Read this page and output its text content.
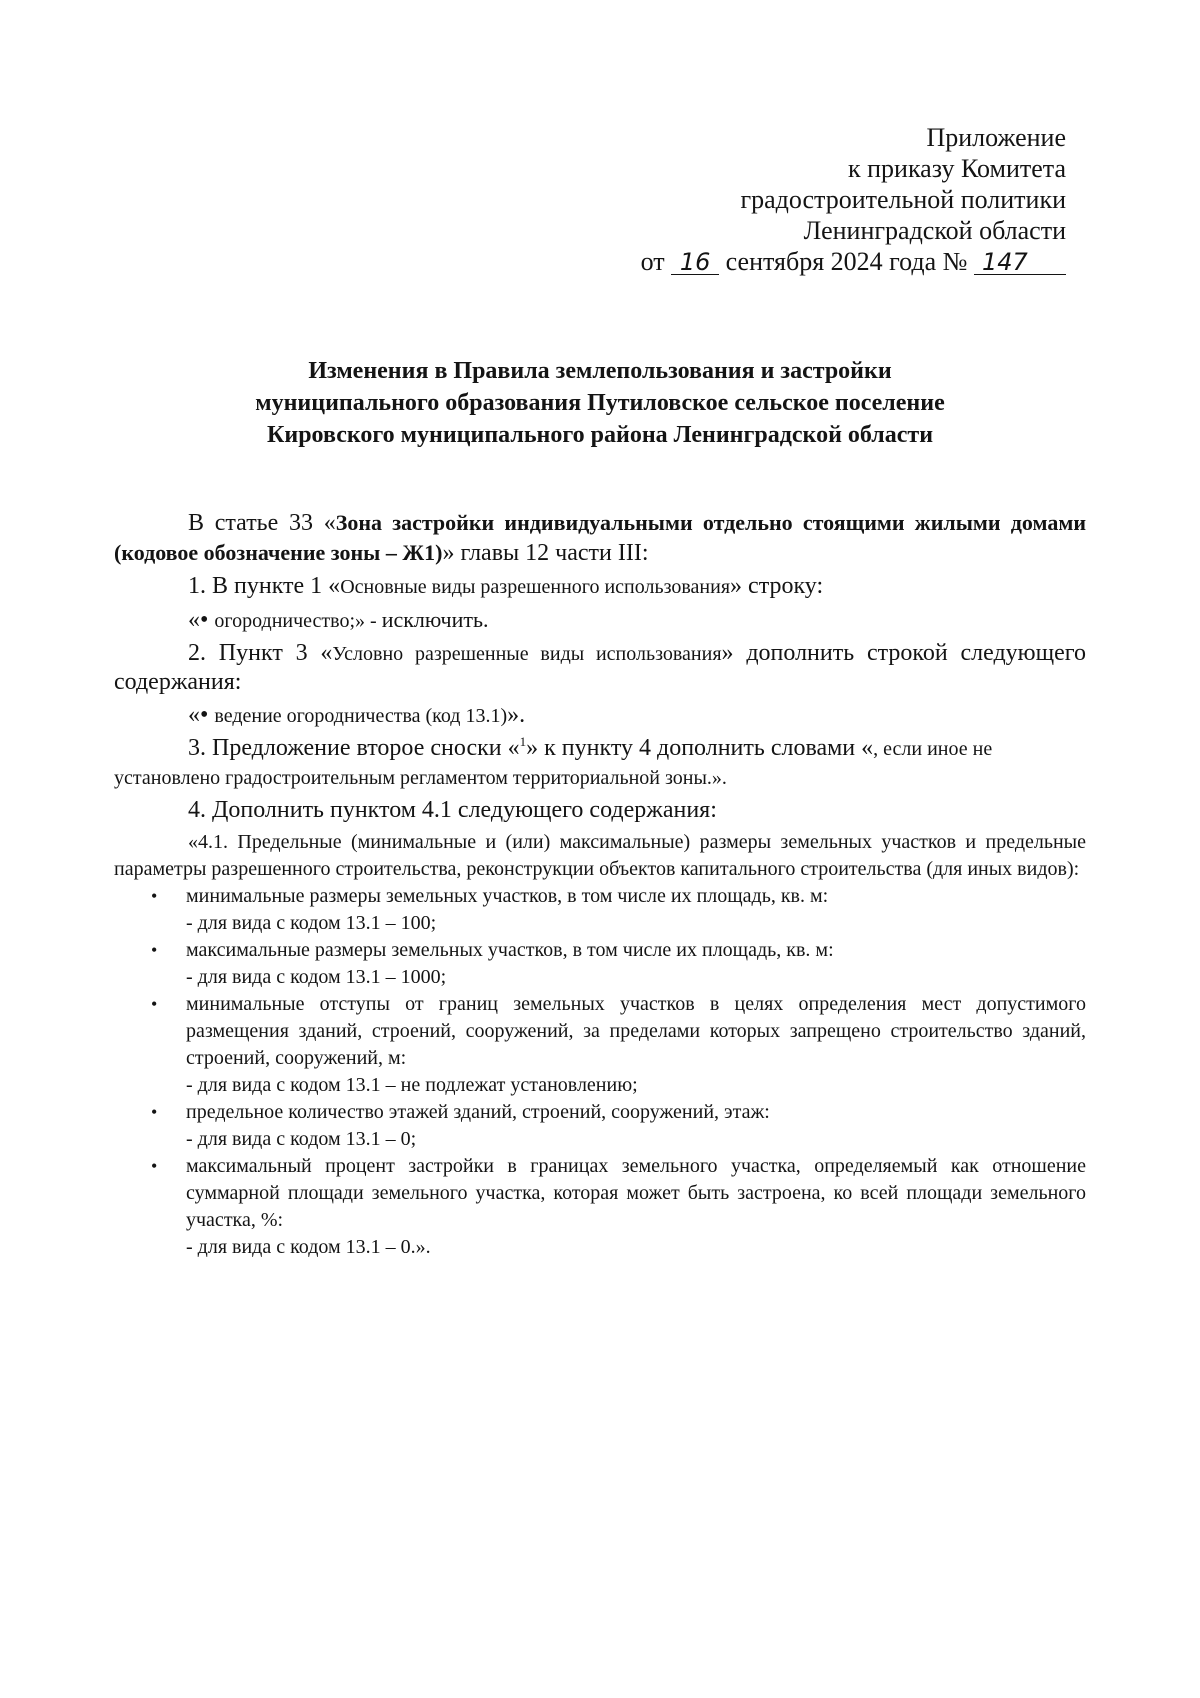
Приложение
к приказу Комитета
градостроительной политики
Ленинградской области
от 16 сентября 2024 года № 147
Изменения в Правила землепользования и застройки
муниципального образования Путиловское сельское поселение
Кировского муниципального района Ленинградской области

В статье 33 «Зона застройки индивидуальными отдельно стоящими жилыми домами (кодовое обозначение зоны – Ж1)» главы 12 части III:

1. В пункте 1 «Основные виды разрешенного использования» строку:

«• огородничество;» - исключить.

2. Пункт 3 «Условно разрешенные виды использования» дополнить строкой следующего содержания:

«• ведение огородничества (код 13.1)».

3. Предложение второе сноски «$^1$» к пункту 4 дополнить словами «, если иное не установлено градостроительным регламентом территориальной зоны.».

4. Дополнить пунктом 4.1 следующего содержания:

«4.1. Предельные (минимальные и (или) максимальные) размеры земельных участков и предельные параметры разрешенного строительства, реконструкции объектов капитального строительства (для иных видов):

• минимальные размеры земельных участков, в том числе их площадь, кв. м:
- для вида с кодом 13.1 – 100;
• максимальные размеры земельных участков, в том числе их площадь, кв. м:
- для вида с кодом 13.1 – 1000;
• минимальные отступы от границ земельных участков в целях определения мест допустимого размещения зданий, строений, сооружений, за пределами которых запрещено строительство зданий, строений, сооружений, м:
- для вида с кодом 13.1 – не подлежат установлению;
• предельное количество этажей зданий, строений, сооружений, этаж:
- для вида с кодом 13.1 – 0;
• максимальный процент застройки в границах земельного участка, определяемый как отношение суммарной площади земельного участка, которая может быть застроена, ко всей площади земельного участка, %:
- для вида с кодом 13.1 – 0.».
